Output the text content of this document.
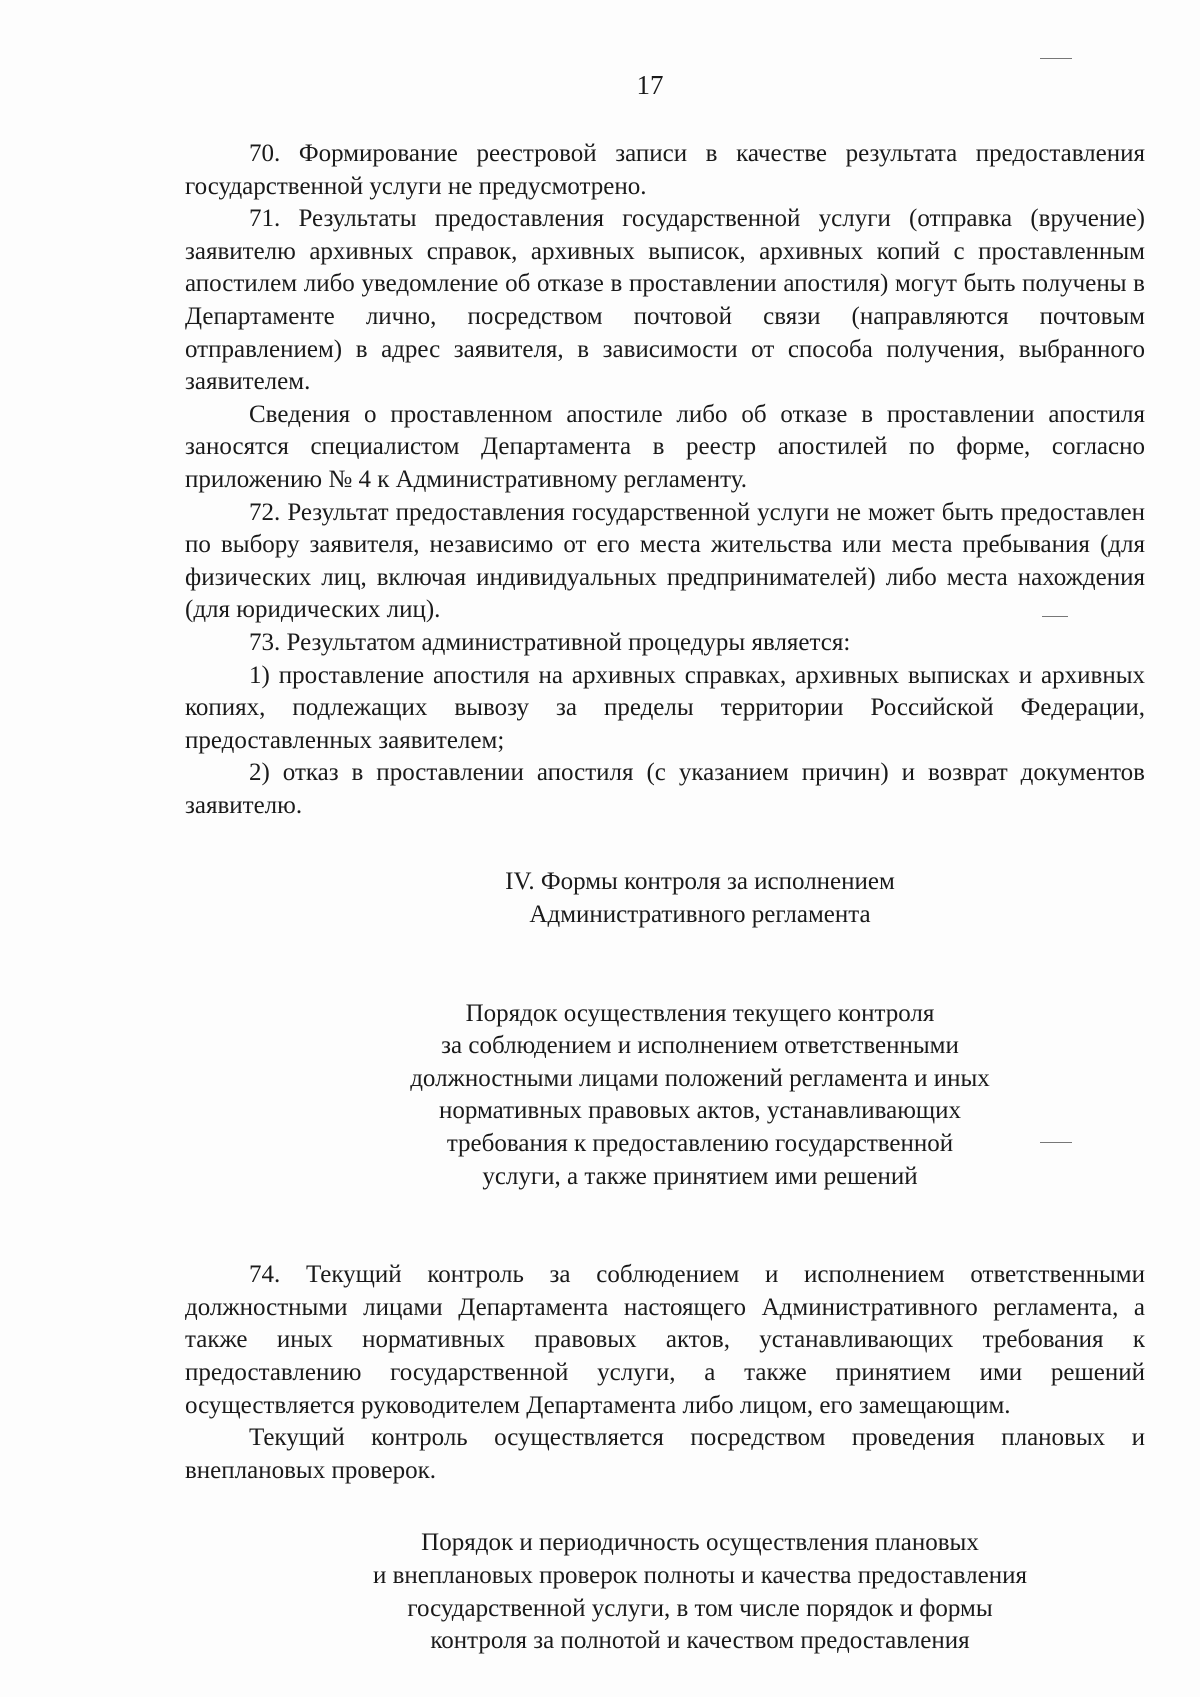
17

70. Формирование реестровой записи в качестве результата предоставления государственной услуги не предусмотрено.

71. Результаты предоставления государственной услуги (отправка (вручение) заявителю архивных справок, архивных выписок, архивных копий с проставленным апостилем либо уведомление об отказе в проставлении апостиля) могут быть получены в Департаменте лично, посредством почтовой связи (направляются почтовым отправлением) в адрес заявителя, в зависимости от способа получения, выбранного заявителем.

Сведения о проставленном апостиле либо об отказе в проставлении апостиля заносятся специалистом Департамента в реестр апостилей по форме, согласно приложению № 4 к Административному регламенту.

72. Результат предоставления государственной услуги не может быть предоставлен по выбору заявителя, независимо от его места жительства или места пребывания (для физических лиц, включая индивидуальных предпринимателей) либо места нахождения (для юридических лиц).

73. Результатом административной процедуры является:

1) проставление апостиля на архивных справках, архивных выписках и архивных копиях, подлежащих вывозу за пределы территории Российской Федерации, предоставленных заявителем;

2) отказ в проставлении апостиля (с указанием причин) и возврат документов заявителю.

IV. Формы контроля за исполнением
Административного регламента
Порядок осуществления текущего контроля
за соблюдением и исполнением ответственными
должностными лицами положений регламента и иных
нормативных правовых актов, устанавливающих
требования к предоставлению государственной
услуги, а также принятием ими решений

74. Текущий контроль за соблюдением и исполнением ответственными должностными лицами Департамента настоящего Административного регламента, а также иных нормативных правовых актов, устанавливающих требования к предоставлению государственной услуги, а также принятием ими решений осуществляется руководителем Департамента либо лицом, его замещающим.

Текущий контроль осуществляется посредством проведения плановых и внеплановых проверок.

Порядок и периодичность осуществления плановых
и внеплановых проверок полноты и качества предоставления
государственной услуги, в том числе порядок и формы
контроля за полнотой и качеством предоставления
